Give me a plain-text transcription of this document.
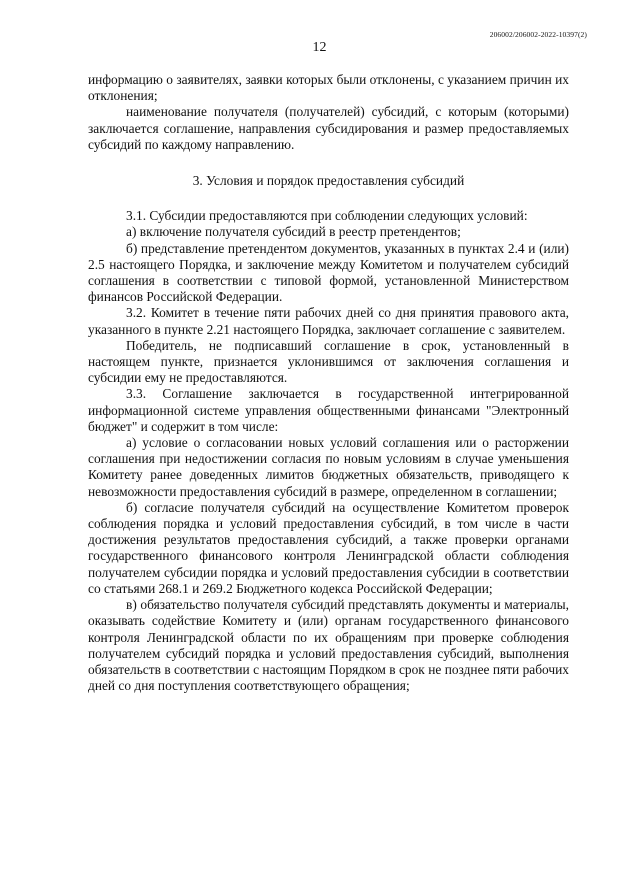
206002/206002-2022-10397(2)
12

информацию о заявителях, заявки которых были отклонены, с указанием причин их отклонения;

наименование получателя (получателей) субсидий, с которым (которыми) заключается соглашение, направления субсидирования и размер предоставляемых субсидий по каждому направлению.

3. Условия и порядок предоставления субсидий

3.1. Субсидии предоставляются при соблюдении следующих условий:

а) включение получателя субсидий в реестр претендентов;

б) представление претендентом документов, указанных в пунктах 2.4 и (или) 2.5 настоящего Порядка, и заключение между Комитетом и получателем субсидий соглашения в соответствии с типовой формой, установленной Министерством финансов Российской Федерации.

3.2. Комитет в течение пяти рабочих дней со дня принятия правового акта, указанного в пункте 2.21 настоящего Порядка, заключает соглашение с заявителем.

Победитель, не подписавший соглашение в срок, установленный в настоящем пункте, признается уклонившимся от заключения соглашения и субсидии ему не предоставляются.

3.3. Соглашение заключается в государственной интегрированной информационной системе управления общественными финансами "Электронный бюджет" и содержит в том числе:

а) условие о согласовании новых условий соглашения или о расторжении соглашения при недостижении согласия по новым условиям в случае уменьшения Комитету ранее доведенных лимитов бюджетных обязательств, приводящего к невозможности предоставления субсидий в размере, определенном в соглашении;

б) согласие получателя субсидий на осуществление Комитетом проверок соблюдения порядка и условий предоставления субсидий, в том числе в части достижения результатов предоставления субсидий, а также проверки органами государственного финансового контроля Ленинградской области соблюдения получателем субсидии порядка и условий предоставления субсидии в соответствии со статьями 268.1 и 269.2 Бюджетного кодекса Российской Федерации;

в) обязательство получателя субсидий представлять документы и материалы, оказывать содействие Комитету и (или) органам государственного финансового контроля Ленинградской области по их обращениям при проверке соблюдения получателем субсидий порядка и условий предоставления субсидий, выполнения обязательств в соответствии с настоящим Порядком в срок не позднее пяти рабочих дней со дня поступления соответствующего обращения;
